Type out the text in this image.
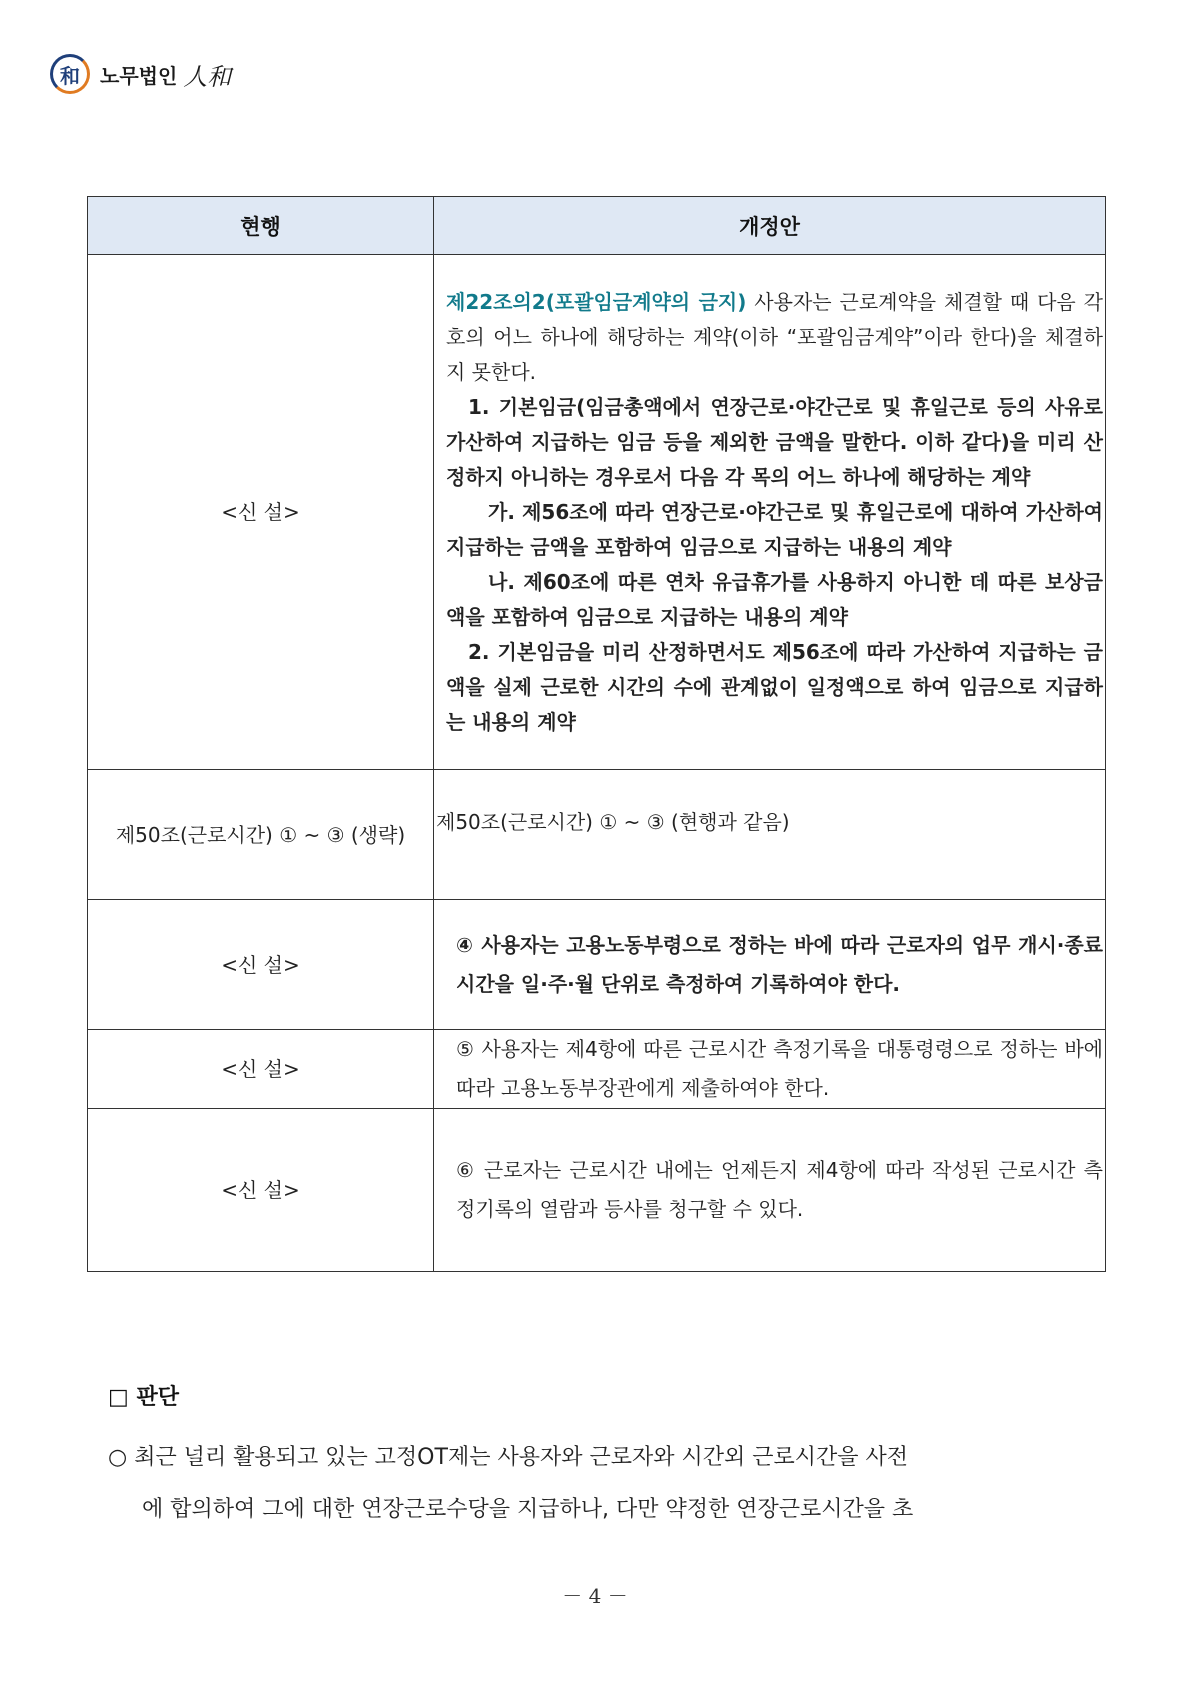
和 노무법인 人和
현행	개정안
<신 설>	제22조의2(포괄임금계약의 금지) 사용자는 근로계약을 체결할 때 다음 각 호의 어느 하나에 해당하는 계약(이하 “포괄임금계약”이라 한다)을 체결하지 못한다.

1. 기본임금(임금총액에서 연장근로·야간근로 및 휴일근로 등의 사유로 가산하여 지급하는 임금 등을 제외한 금액을 말한다. 이하 같다)을 미리 산정하지 아니하는 경우로서 다음 각 목의 어느 하나에 해당하는 계약

가. 제56조에 따라 연장근로·야간근로 및 휴일근로에 대하여 가산하여 지급하는 금액을 포함하여 임금으로 지급하는 내용의 계약

나. 제60조에 따른 연차 유급휴가를 사용하지 아니한 데 따른 보상금액을 포함하여 임금으로 지급하는 내용의 계약

2. 기본임금을 미리 산정하면서도 제56조에 따라 가산하여 지급하는 금액을 실제 근로한 시간의 수에 관계없이 일정액으로 하여 임금으로 지급하는 내용의 계약

제50조(근로시간) ① ~ ③ (생략)	제50조(근로시간) ① ~ ③ (현행과 같음)
<신 설>	④ 사용자는 고용노동부령으로 정하는 바에 따라 근로자의 업무 개시·종료 시간을 일·주·월 단위로 측정하여 기록하여야 한다.
<신 설>	⑤ 사용자는 제4항에 따른 근로시간 측정기록을 대통령령으로 정하는 바에 따라 고용노동부장관에게 제출하여야 한다.
<신 설>	⑥ 근로자는 근로시간 내에는 언제든지 제4항에 따라 작성된 근로시간 측정기록의 열람과 등사를 청구할 수 있다.
□ 판단
○ 최근 널리 활용되고 있는 고정OT제는 사용자와 근로자와 시간외 근로시간을 사전
에 합의하여 그에 대한 연장근로수당을 지급하나, 다만 약정한 연장근로시간을 초
－ 4 －
